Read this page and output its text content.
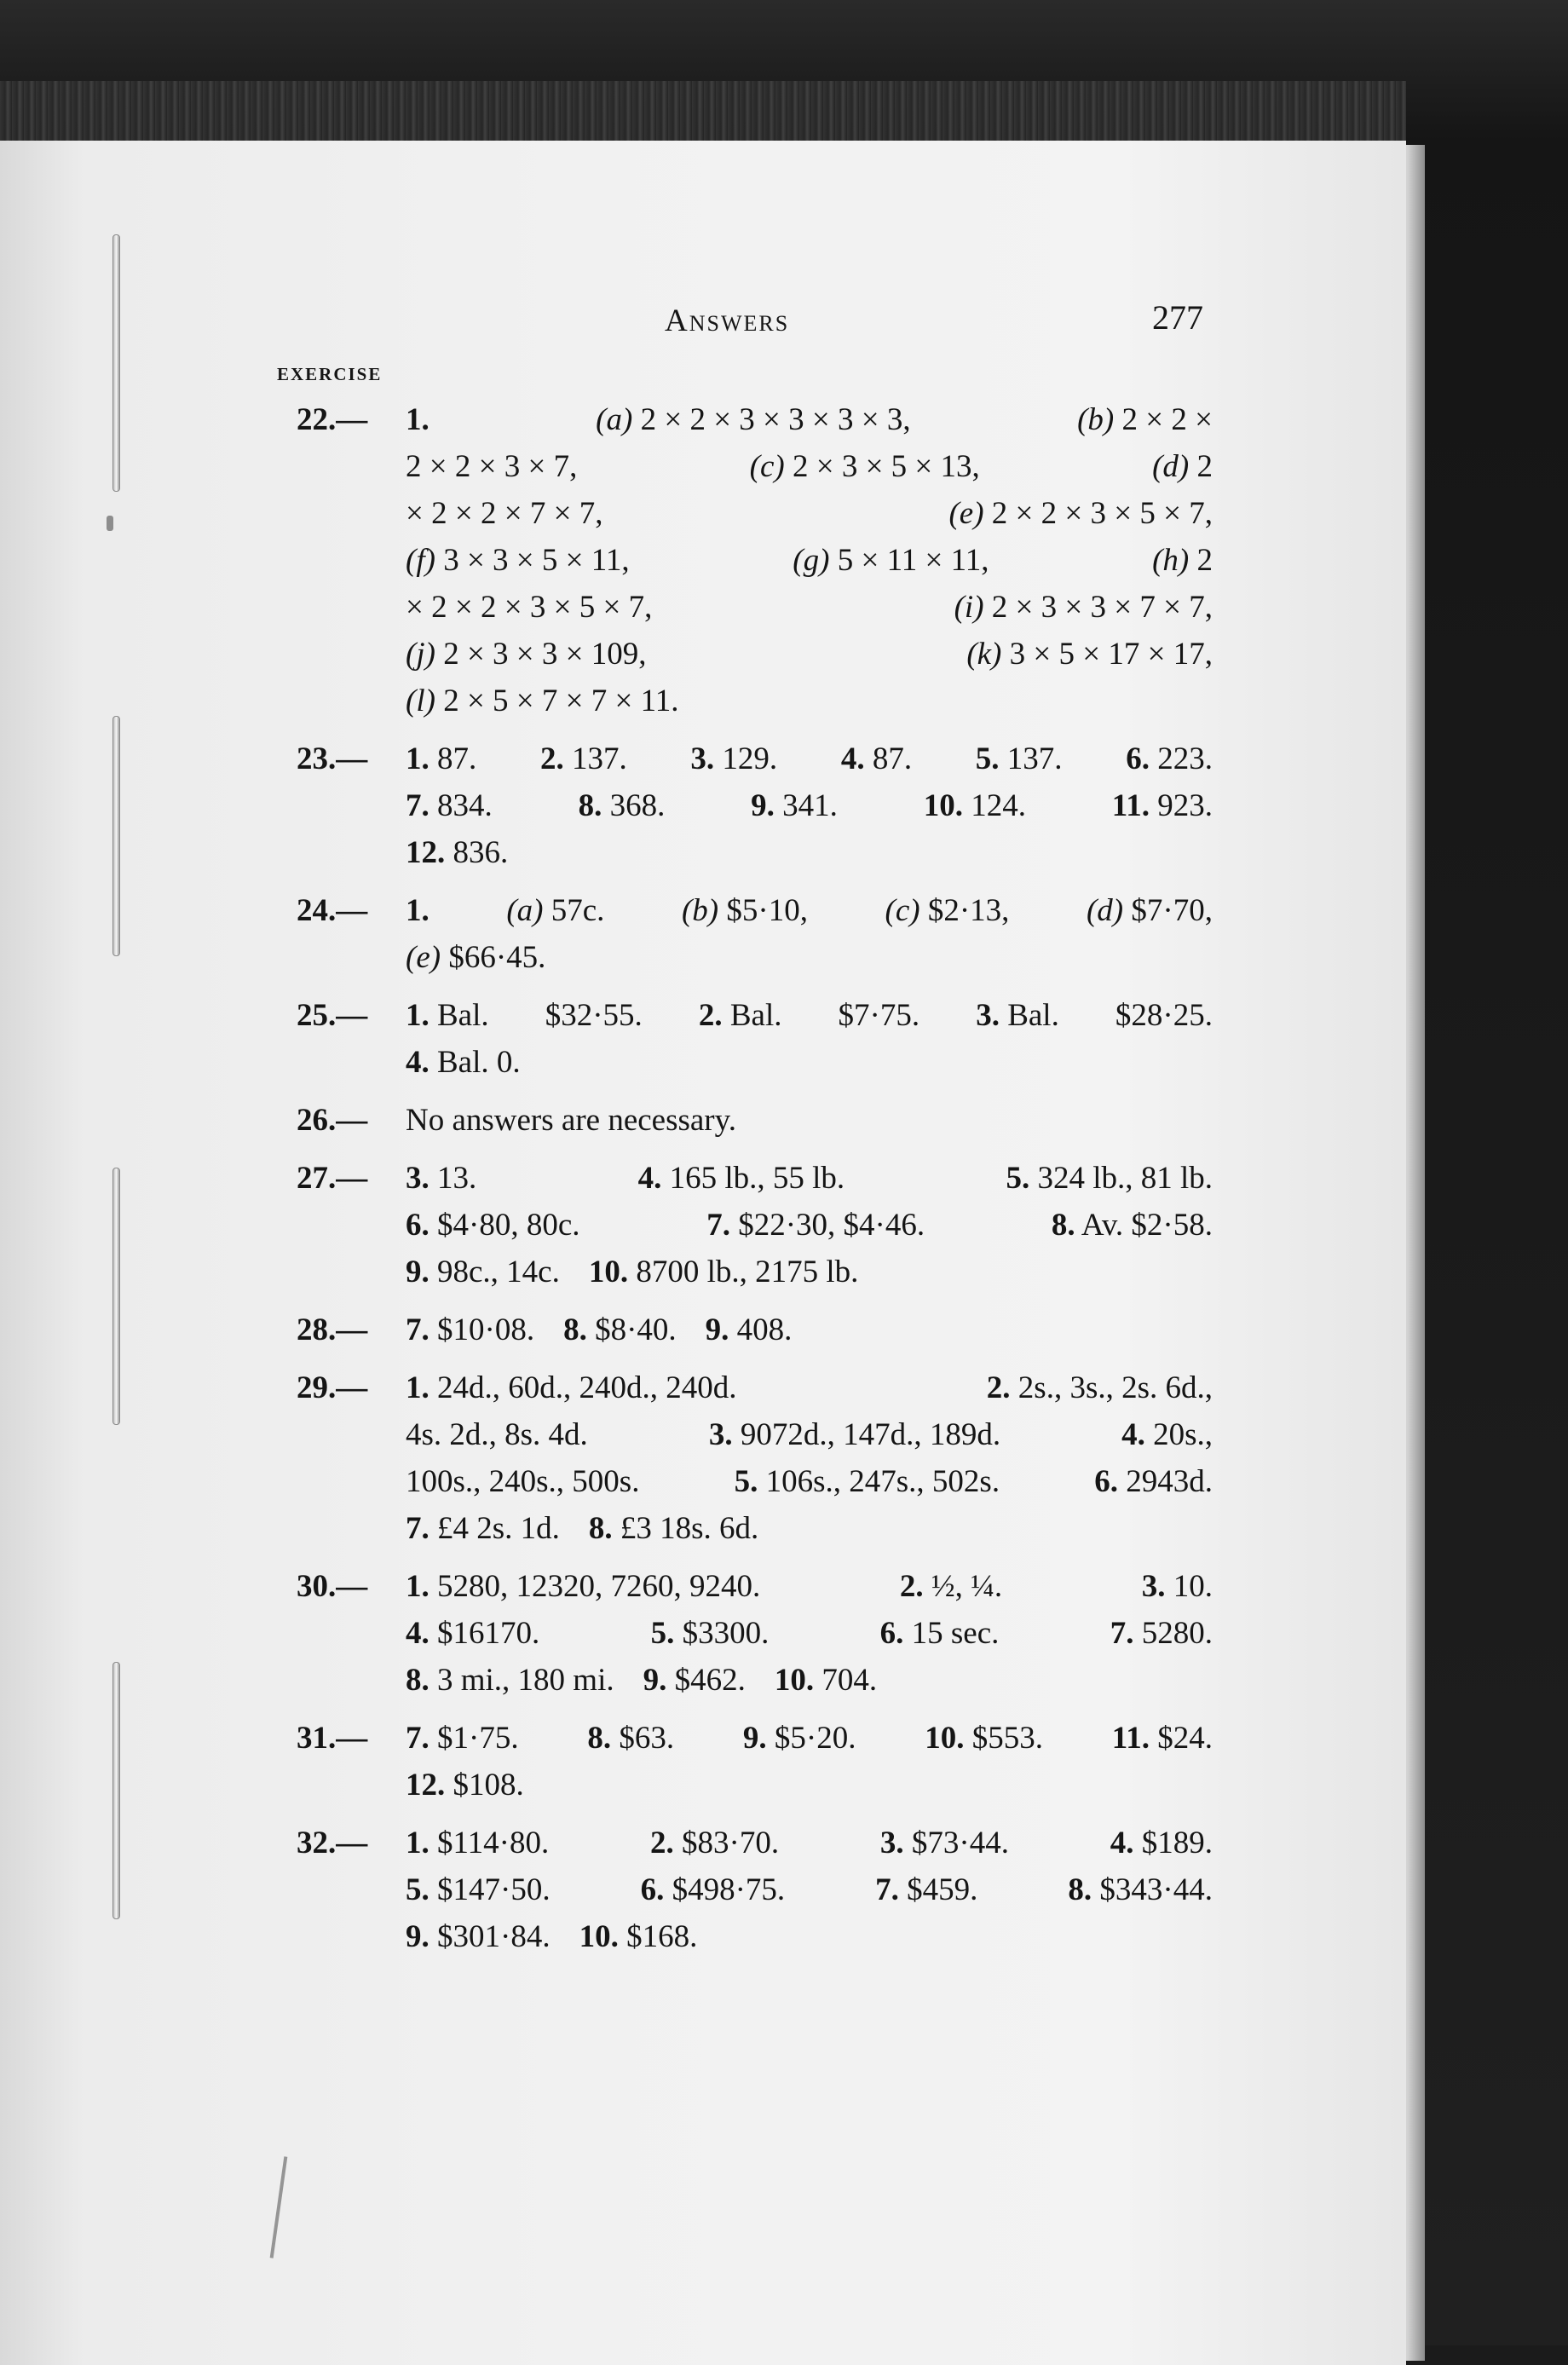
Answers	277
EXERCISE
22.— 1.	(a) 2 × 2 × 3 × 3 × 3 × 3,	(b) 2 × 2 ×
2 × 2 × 3 × 7,	(c) 2 × 3 × 5 × 13,	(d) 2
× 2 × 2 × 7 × 7,	(e) 2 × 2 × 3 × 5 × 7,
(f) 3 × 3 × 5 × 11,	(g) 5 × 11 × 11,	(h) 2
× 2 × 2 × 3 × 5 × 7,	(i) 2 × 3 × 3 × 7 × 7,
(j) 2 × 3 × 3 × 109,	(k) 3 × 5 × 17 × 17,
(l) 2 × 5 × 7 × 7 × 11.
23.— 1. 87. 2. 137. 3. 129. 4. 87. 5. 137. 6. 223.
7. 834.	8. 368.	9. 341.	10. 124.	11. 923.
12. 836.
24.— 1. (a) 57c. (b) $5·10, (c) $2·13, (d) $7·70,
(e) $66·45.
25.— 1. Bal. $32·55. 2. Bal. $7·75. 3. Bal. $28·25.
4. Bal. 0.
26.— No answers are necessary.
27.— 3. 13.	4. 165 lb., 55 lb.	5. 324 lb., 81 lb.
6. $4·80, 80c.	7. $22·30, $4·46.	8. Av. $2·58.
9. 98c., 14c. 10. 8700 lb., 2175 lb.
28.— 7. $10·08. 8. $8·40. 9. 408.
29.— 1. 24d., 60d., 240d., 240d.	2. 2s., 3s., 2s. 6d.,
4s. 2d., 8s. 4d.	3. 9072d., 147d., 189d.	4. 20s.,
100s., 240s., 500s.	5. 106s., 247s., 502s.	6. 2943d.
7. £4 2s. 1d. 8. £3 18s. 6d.
30.— 1. 5280, 12320, 7260, 9240.	2. ½, ¼.	3. 10.
4. $16170.	5. $3300.	6. 15 sec.	7. 5280.
8. 3 mi., 180 mi. 9. $462. 10. 704.
31.— 7. $1·75. 8. $63. 9. $5·20. 10. $553. 11. $24.
12. $108.
32.— 1. $114·80.	2. $83·70.	3. $73·44.	4. $189.
5. $147·50.	6. $498·75.	7. $459.	8. $343·44.
9. $301·84. 10. $168.
